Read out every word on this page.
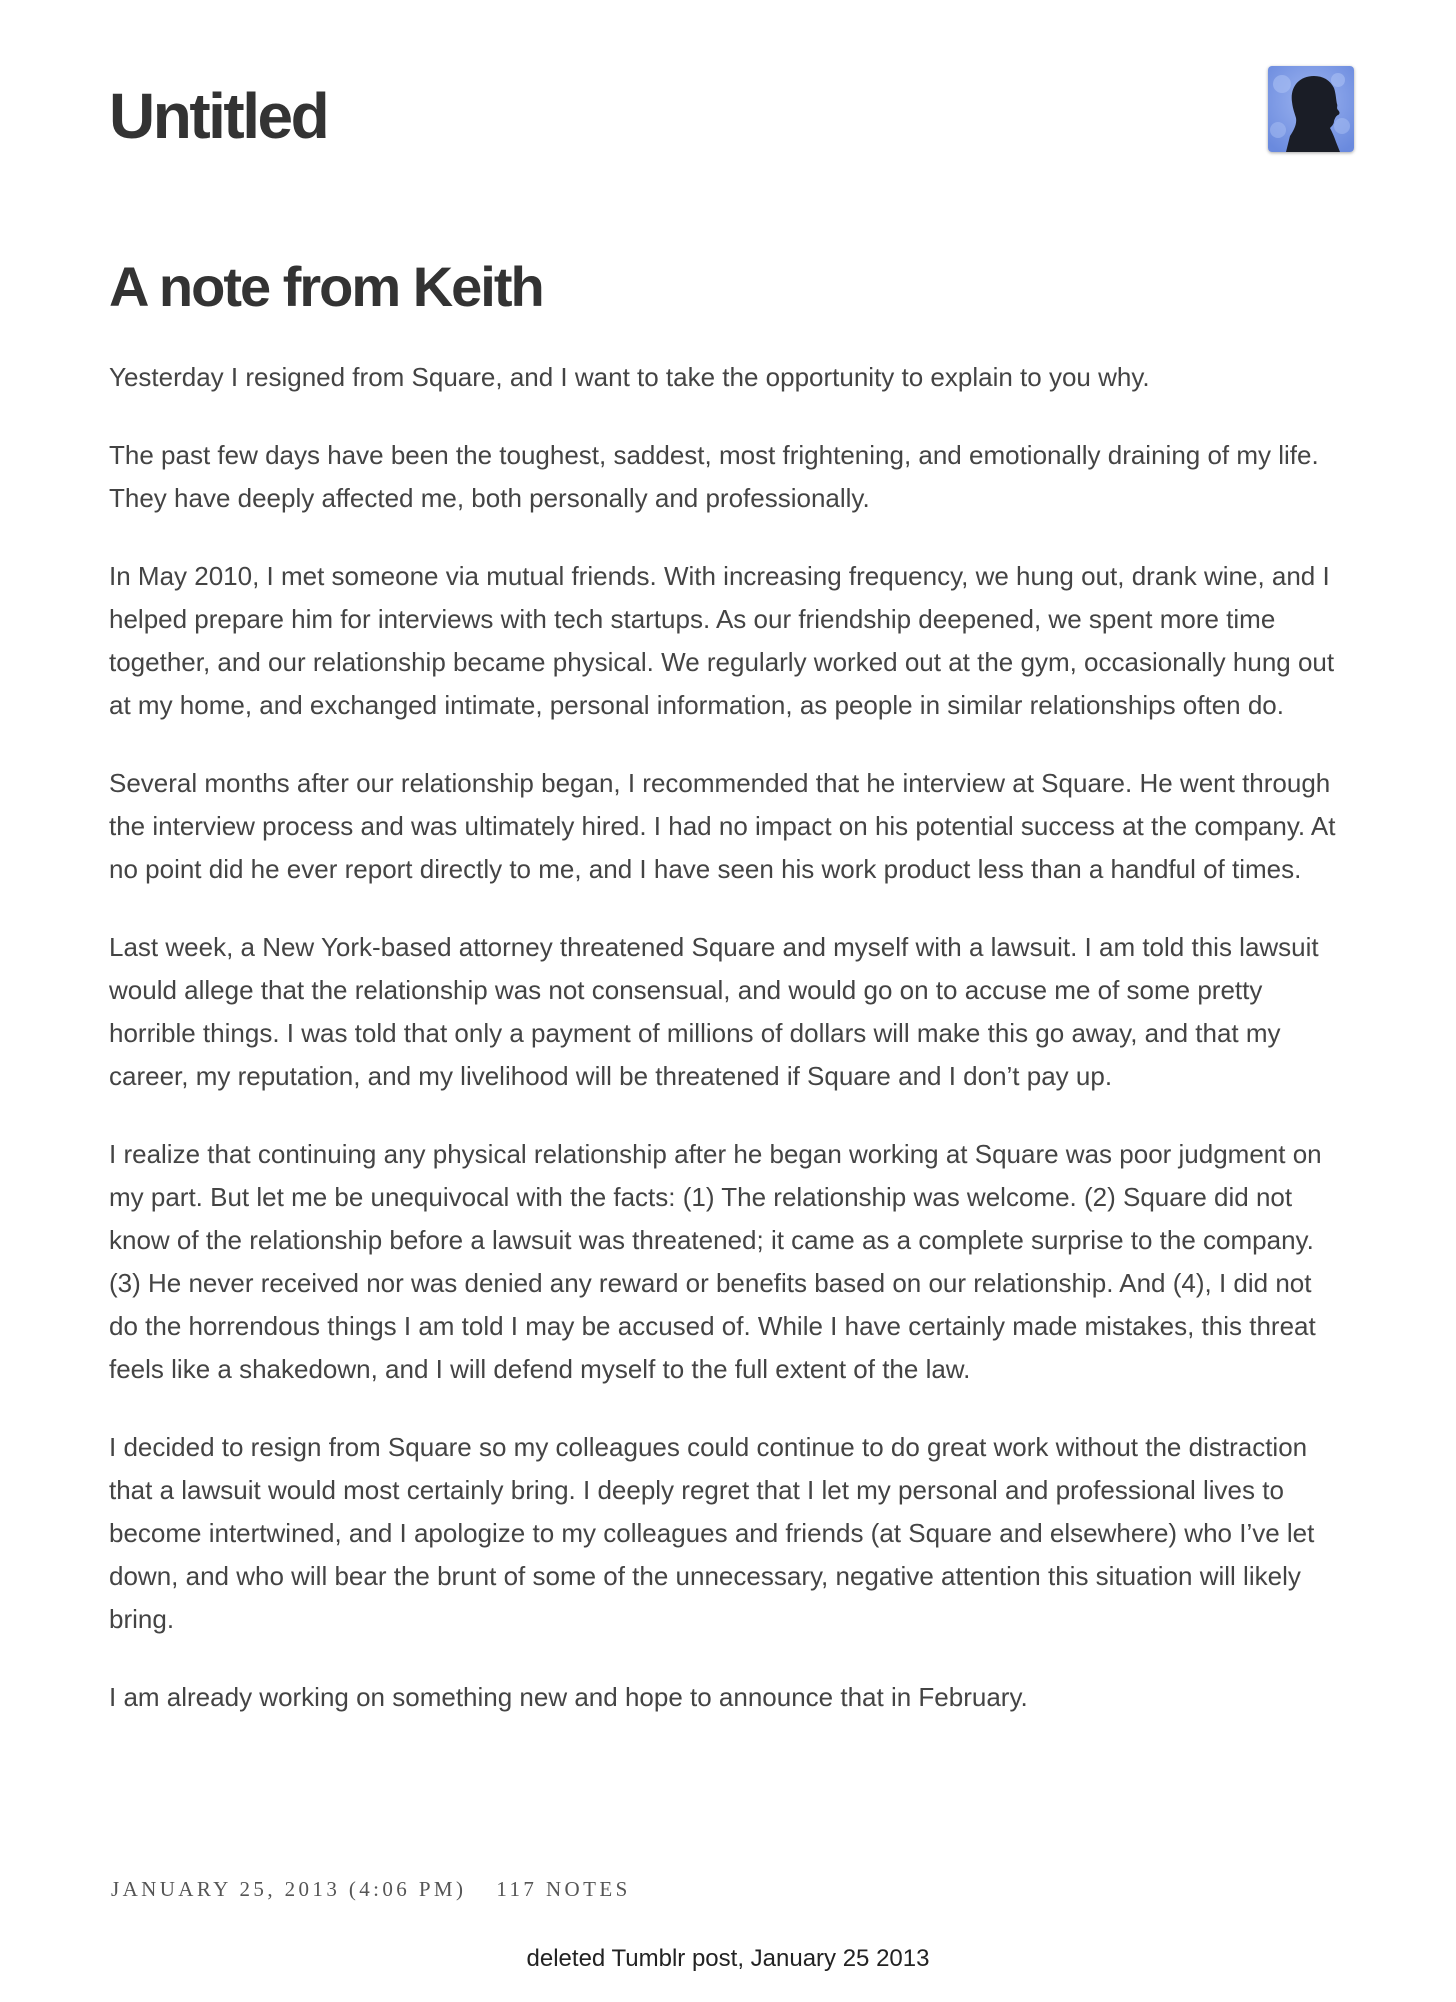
Untitled
A note from Keith

Yesterday I resigned from Square, and I want to take the opportunity to explain to you why.

The past few days have been the toughest, saddest, most frightening, and emotionally draining of my life. They have deeply affected me, both personally and professionally.

In May 2010, I met someone via mutual friends. With increasing frequency, we hung out, drank wine, and I helped prepare him for interviews with tech startups. As our friendship deepened, we spent more time together, and our relationship became physical. We regularly worked out at the gym, occasionally hung out at my home, and exchanged intimate, personal information, as people in similar relationships often do.

Several months after our relationship began, I recommended that he interview at Square. He went through the interview process and was ultimately hired. I had no impact on his potential success at the company. At no point did he ever report directly to me, and I have seen his work product less than a handful of times.

Last week, a New York-based attorney threatened Square and myself with a lawsuit. I am told this lawsuit would allege that the relationship was not consensual, and would go on to accuse me of some pretty horrible things. I was told that only a payment of millions of dollars will make this go away, and that my career, my reputation, and my livelihood will be threatened if Square and I don’t pay up.

I realize that continuing any physical relationship after he began working at Square was poor judgment on my part. But let me be unequivocal with the facts: (1) The relationship was welcome. (2) Square did not know of the relationship before a lawsuit was threatened; it came as a complete surprise to the company. (3) He never received nor was denied any reward or benefits based on our relationship. And (4), I did not do the horrendous things I am told I may be accused of. While I have certainly made mistakes, this threat feels like a shakedown, and I will defend myself to the full extent of the law.

I decided to resign from Square so my colleagues could continue to do great work without the distraction that a lawsuit would most certainly bring. I deeply regret that I let my personal and professional lives to become intertwined, and I apologize to my colleagues and friends (at Square and elsewhere) who I’ve let down, and who will bear the brunt of some of the unnecessary, negative attention this situation will likely bring.

I am already working on something new and hope to announce that in February.

JANUARY 25, 2013 (4:06 PM) 117 NOTES
deleted Tumblr post, January 25 2013
